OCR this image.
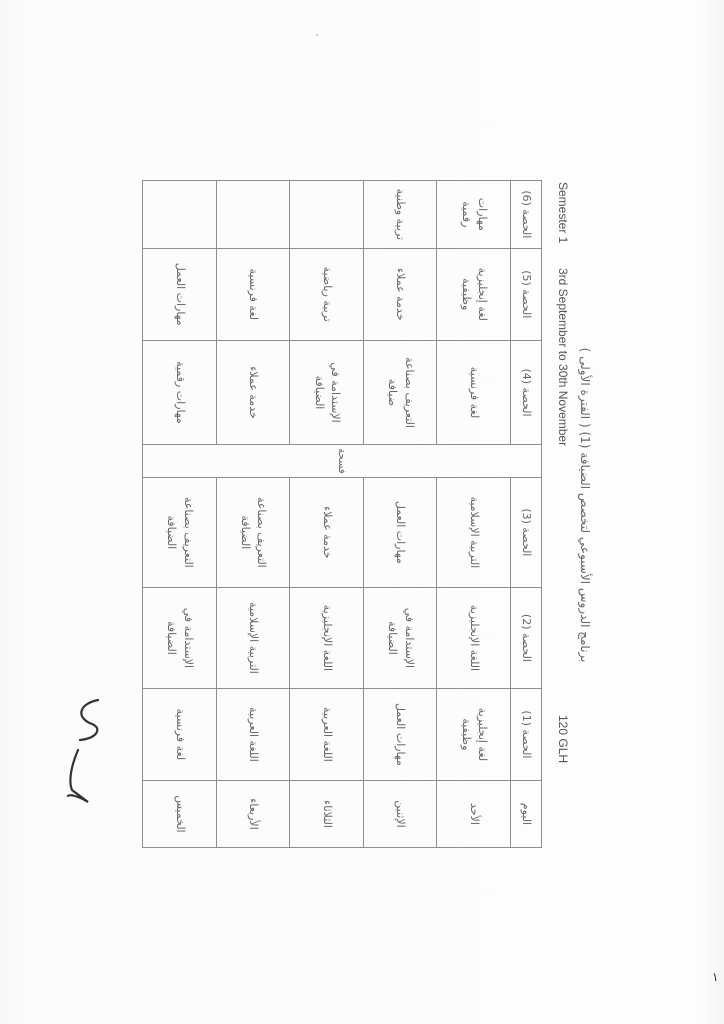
برنامج الدروس الأسبوعي لتخصص الضيافة (1) ( الفترة الأولى )
Semester 1
3rd September to 30th November
120 GLH
اليوم	الحصة (1)	الحصة (2)	الحصة (3)	فسحة	الحصة (4)	الحصة (5)	الحصة (6)
الأحد	لغة إنجليزية وظيفية	اللغة الإنجليزية	التربية الإسلامية		لغة فرنسية	لغة إنجليزية وظيفية	مهارات رقمية
الإثنين	مهارات العمل	الإستدامة في الضيافة	مهارات العمل		التعريف بصناعة ضيافة	خدمة عملاء	تربية وطنية
الثلاثاء	اللغة العربية	اللغة الإنجليزية	خدمة عملاء		الإستدامة في الضيافة	تربية رياضية	
الأربعاء	اللغة العربية	التربية الإسلامية	التعريف بصناعة الضيافة		خدمة عملاء	لغة فرنسية	
الخميس	لغة فرنسية	الإستدامة في الضيافة	التعريف بصناعة الضيافة		مهارات رقمية	مهارات العمل	
١
